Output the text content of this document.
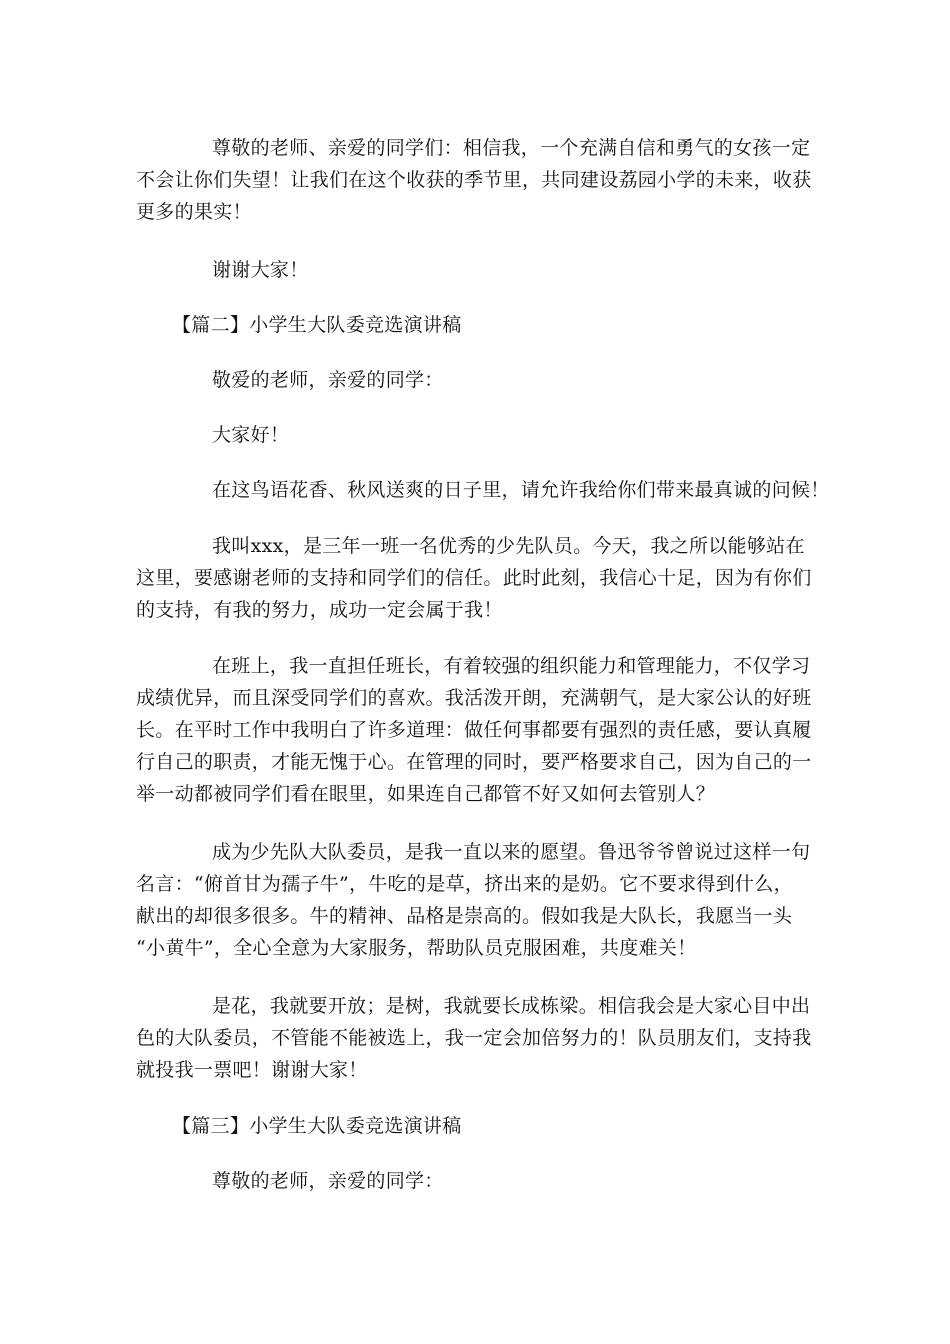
尊敬的老师、亲爱的同学们：相信我，一个充满自信和勇气的女孩一定
不会让你们失望！让我们在这个收获的季节里，共同建设荔园小学的未来，收获
更多的果实！
谢谢大家！
【篇二】小学生大队委竞选演讲稿
敬爱的老师，亲爱的同学：
大家好！
在这鸟语花香、秋风送爽的日子里，请允许我给你们带来最真诚的问候！
我叫xxx，是三年一班一名优秀的少先队员。今天，我之所以能够站在
这里，要感谢老师的支持和同学们的信任。此时此刻，我信心十足，因为有你们
的支持，有我的努力，成功一定会属于我！
在班上，我一直担任班长，有着较强的组织能力和管理能力，不仅学习
成绩优异，而且深受同学们的喜欢。我活泼开朗，充满朝气，是大家公认的好班
长。在平时工作中我明白了许多道理：做任何事都要有强烈的责任感，要认真履
行自己的职责，才能无愧于心。在管理的同时，要严格要求自己，因为自己的一
举一动都被同学们看在眼里，如果连自己都管不好又如何去管别人？
成为少先队大队委员，是我一直以来的愿望。鲁迅爷爷曾说过这样一句
名言：“俯首甘为孺子牛”，牛吃的是草，挤出来的是奶。它不要求得到什么，
献出的却很多很多。牛的精神、品格是崇高的。假如我是大队长，我愿当一头
“小黄牛”，全心全意为大家服务，帮助队员克服困难，共度难关！
是花，我就要开放；是树，我就要长成栋梁。相信我会是大家心目中出
色的大队委员，不管能不能被选上，我一定会加倍努力的！队员朋友们，支持我
就投我一票吧！谢谢大家！
【篇三】小学生大队委竞选演讲稿
尊敬的老师，亲爱的同学：
